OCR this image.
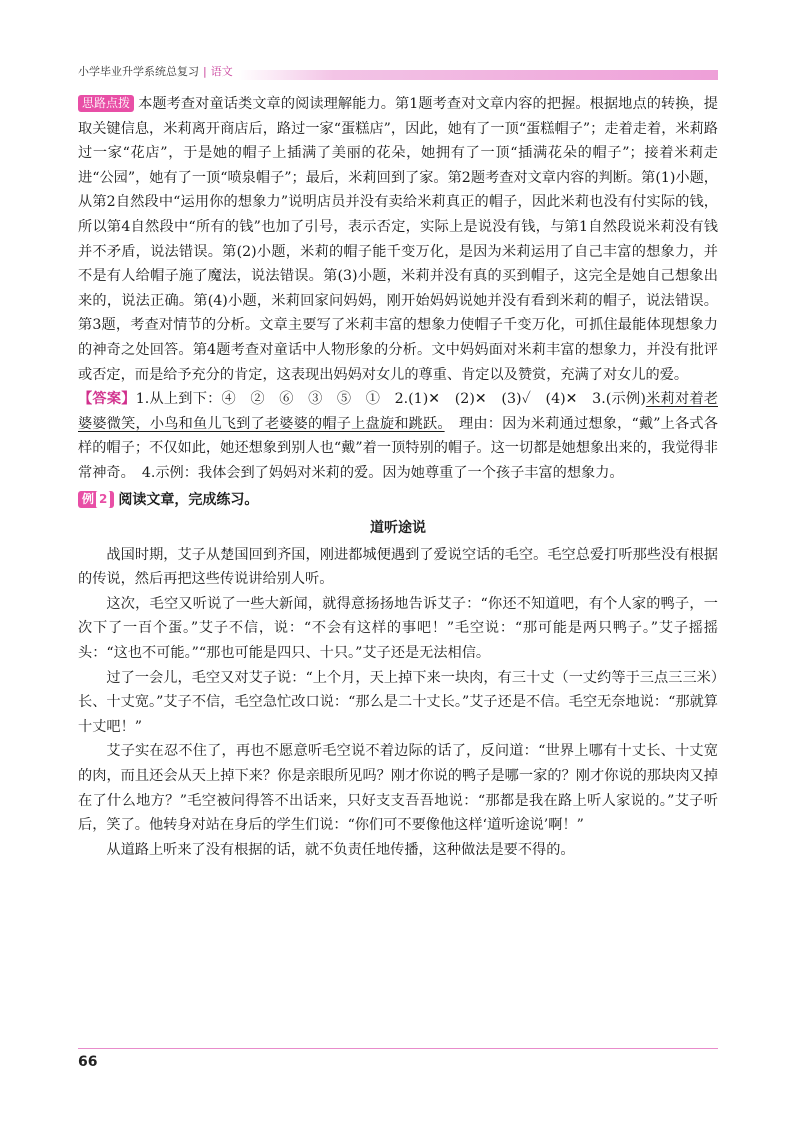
小学毕业升学系统总复习 | 语文

思路点拨 本题考查对童话类文章的阅读理解能力。第1题考查对文章内容的把握。根据地点的转换，提取关键信息，米莉离开商店后，路过一家“蛋糕店”，因此，她有了一顶“蛋糕帽子”；走着走着，米莉路过一家“花店”，于是她的帽子上插满了美丽的花朵，她拥有了一顶“插满花朵的帽子”；接着米莉走进“公园”，她有了一顶“喷泉帽子”；最后，米莉回到了家。第2题考查对文章内容的判断。第(1)小题，从第2自然段中“运用你的想象力”说明店员并没有卖给米莉真正的帽子，因此米莉也没有付实际的钱，所以第4自然段中“所有的钱”也加了引号，表示否定，实际上是说没有钱，与第1自然段说米莉没有钱并不矛盾，说法错误。第(2)小题，米莉的帽子能千变万化，是因为米莉运用了自己丰富的想象力，并不是有人给帽子施了魔法，说法错误。第(3)小题，米莉并没有真的买到帽子，这完全是她自己想象出来的，说法正确。第(4)小题，米莉回家问妈妈，刚开始妈妈说她并没有看到米莉的帽子，说法错误。第3题，考查对情节的分析。文章主要写了米莉丰富的想象力使帽子千变万化，可抓住最能体现想象力的神奇之处回答。第4题考查对童话中人物形象的分析。文中妈妈面对米莉丰富的想象力，并没有批评或否定，而是给予充分的肯定，这表现出妈妈对女儿的尊重、肯定以及赞赏，充满了对女儿的爱。

【答案】1.从上到下：④　②　⑥　③　⑤　①　2.(1)✕　(2)✕　(3)✓　(4)✕　3.(示例)米莉对着老婆婆微笑，小鸟和鱼儿飞到了老婆婆的帽子上盘旋和跳跃。　理由：因为米莉通过想象，“戴”上各式各样的帽子；不仅如此，她还想象到别人也“戴”着一顶特别的帽子。这一切都是她想象出来的，我觉得非常神奇。　4.示例：我体会到了妈妈对米莉的爱。因为她尊重了一个孩子丰富的想象力。

例 2 阅读文章，完成练习。
道听途说

战国时期，艾子从楚国回到齐国，刚进都城便遇到了爱说空话的毛空。毛空总爱打听那些没有根据的传说，然后再把这些传说讲给别人听。

这次，毛空又听说了一些大新闻，就得意扬扬地告诉艾子：“你还不知道吧，有个人家的鸭子，一次下了一百个蛋。”艾子不信，说：“不会有这样的事吧！”毛空说：“那可能是两只鸭子。”艾子摇摇头：“这也不可能。”“那也可能是四只、十只。”艾子还是无法相信。

过了一会儿，毛空又对艾子说：“上个月，天上掉下来一块肉，有三十丈（一丈约等于三点三三米）长、十丈宽。”艾子不信，毛空急忙改口说：“那么是二十丈长。”艾子还是不信。毛空无奈地说：“那就算十丈吧！”

艾子实在忍不住了，再也不愿意听毛空说不着边际的话了，反问道：“世界上哪有十丈长、十丈宽的肉，而且还会从天上掉下来？你是亲眼所见吗？刚才你说的鸭子是哪一家的？刚才你说的那块肉又掉在了什么地方？”毛空被问得答不出话来，只好支支吾吾地说：“那都是我在路上听人家说的。”艾子听后，笑了。他转身对站在身后的学生们说：“你们可不要像他这样‘道听途说’啊！”

从道路上听来了没有根据的话，就不负责任地传播，这种做法是要不得的。

66
